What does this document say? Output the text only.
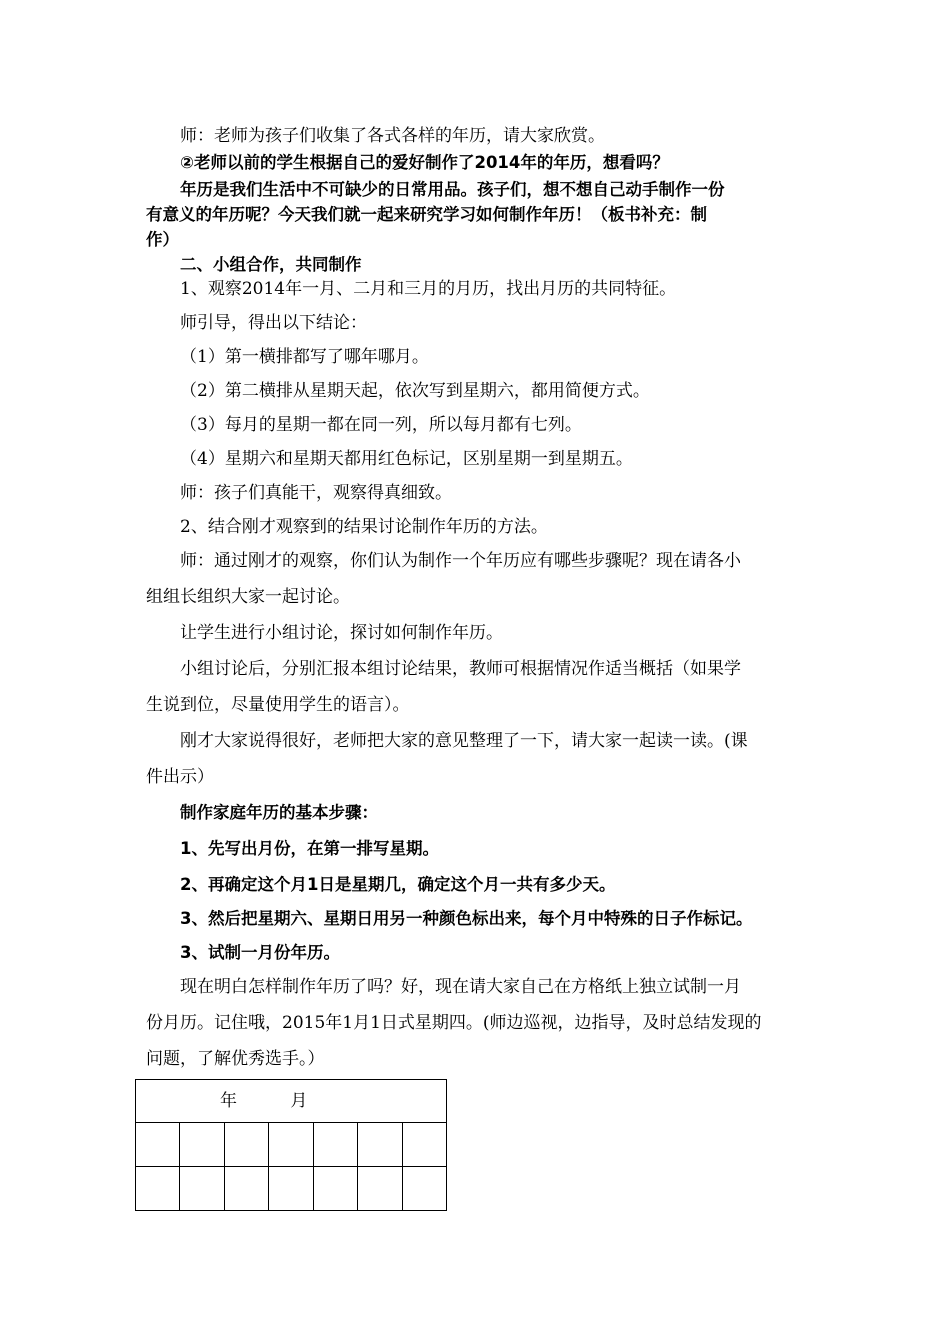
师：老师为孩子们收集了各式各样的年历，请大家欣赏。
②老师以前的学生根据自己的爱好制作了2014年的年历，想看吗？
年历是我们生活中不可缺少的日常用品。孩子们，想不想自己动手制作一份
有意义的年历呢？今天我们就一起来研究学习如何制作年历！（板书补充：制
作）
二、小组合作，共同制作
1、观察2014年一月、二月和三月的月历，找出月历的共同特征。
师引导，得出以下结论：
（1）第一横排都写了哪年哪月。
（2）第二横排从星期天起，依次写到星期六，都用简便方式。
（3）每月的星期一都在同一列，所以每月都有七列。
（4）星期六和星期天都用红色标记，区别星期一到星期五。
师：孩子们真能干，观察得真细致。
2、结合刚才观察到的结果讨论制作年历的方法。
师：通过刚才的观察，你们认为制作一个年历应有哪些步骤呢？现在请各小
组组长组织大家一起讨论。
让学生进行小组讨论，探讨如何制作年历。
小组讨论后，分别汇报本组讨论结果，教师可根据情况作适当概括（如果学
生说到位，尽量使用学生的语言）。
刚才大家说得很好，老师把大家的意见整理了一下，请大家一起读一读。(课
件出示）
制作家庭年历的基本步骤：
1、先写出月份，在第一排写星期。
2、再确定这个月1日是星期几，确定这个月一共有多少天。
3、然后把星期六、星期日用另一种颜色标出来，每个月中特殊的日子作标记。
3、试制一月份年历。
现在明白怎样制作年历了吗？好，现在请大家自己在方格纸上独立试制一月
份月历。记住哦，2015年1月1日式星期四。(师边巡视，边指导，及时总结发现的
问题，了解优秀选手。）
年 月						
